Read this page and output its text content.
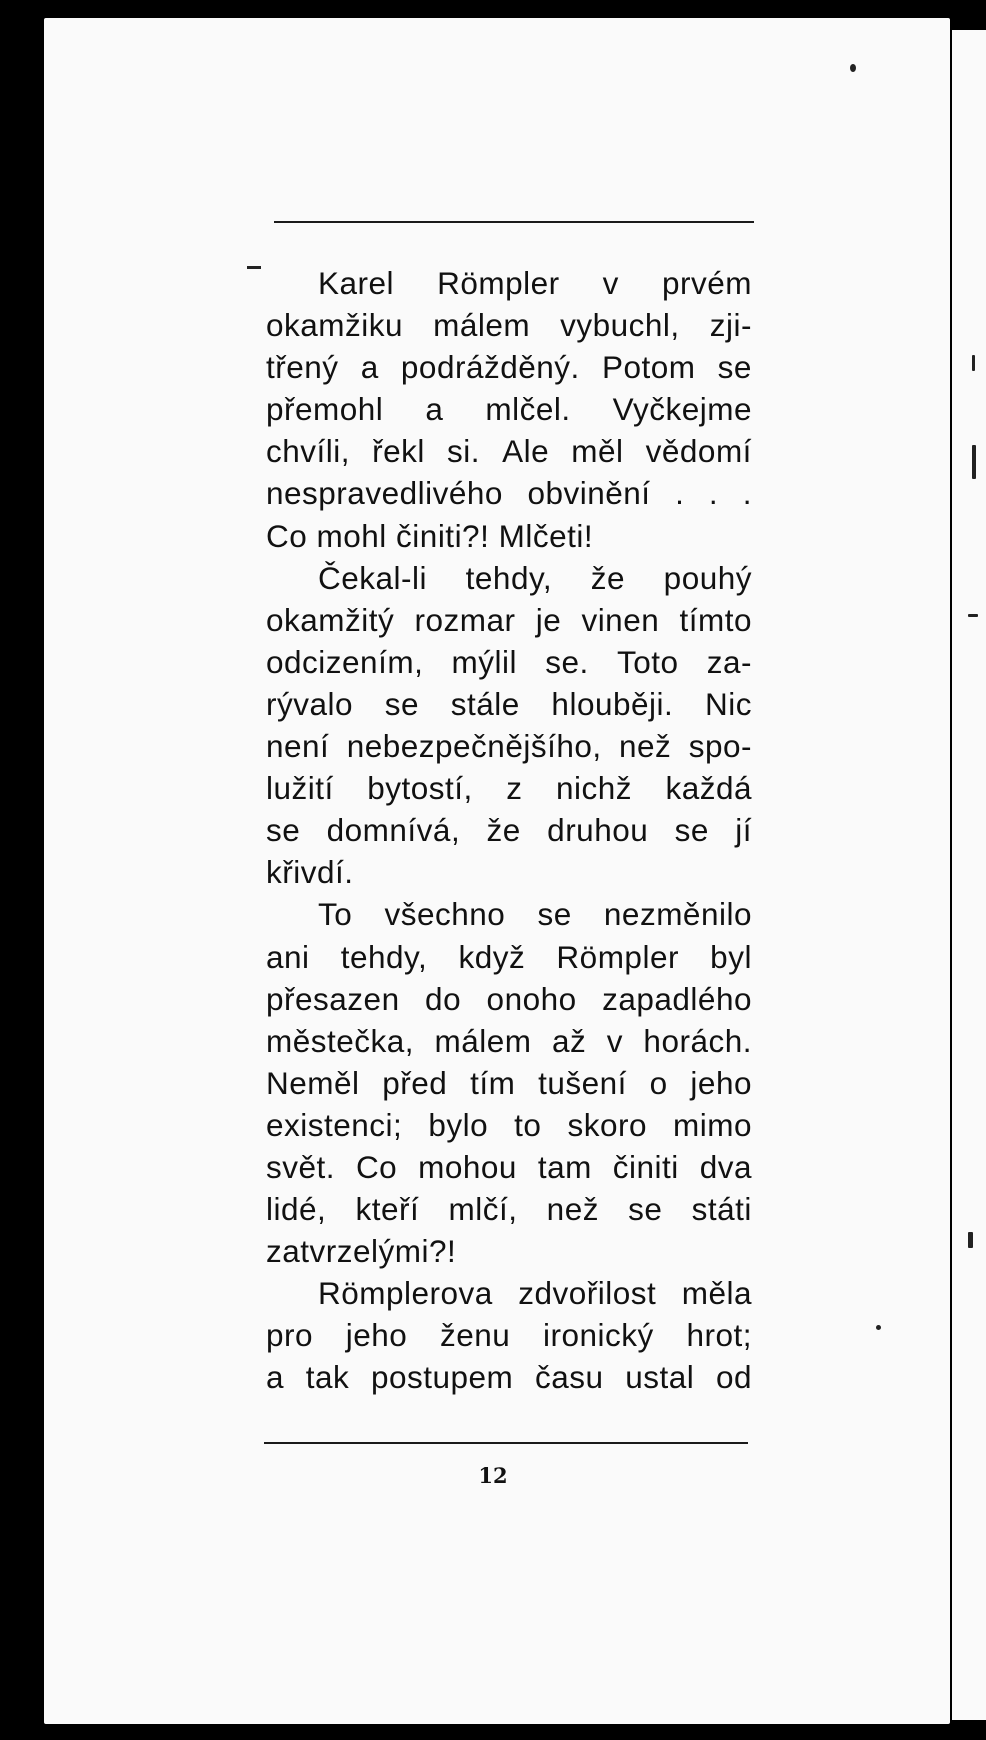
Karel Römpler v prvém
okamžiku málem vybuchl, zji-
třený a podrážděný. Potom se
přemohl a mlčel. Vyčkejme
chvíli, řekl si. Ale měl vědomí
nespravedlivého obvinění . . .
Co mohl činiti?! Mlčeti!
Čekal-li tehdy, že pouhý
okamžitý rozmar je vinen tímto
odcizením, mýlil se. Toto za-
rývalo se stále hlouběji. Nic
není nebezpečnějšího, než spo-
lužití bytostí, z nichž každá
se domnívá, že druhou se jí
křivdí.
To všechno se nezměnilo
ani tehdy, když Römpler byl
přesazen do onoho zapadlého
městečka, málem až v horách.
Neměl před tím tušení o jeho
existenci; bylo to skoro mimo
svět. Co mohou tam činiti dva
lidé, kteří mlčí, než se státi
zatvrzelými?!
Römplerova zdvořilost měla
pro jeho ženu ironický hrot;
a tak postupem času ustal od
12
